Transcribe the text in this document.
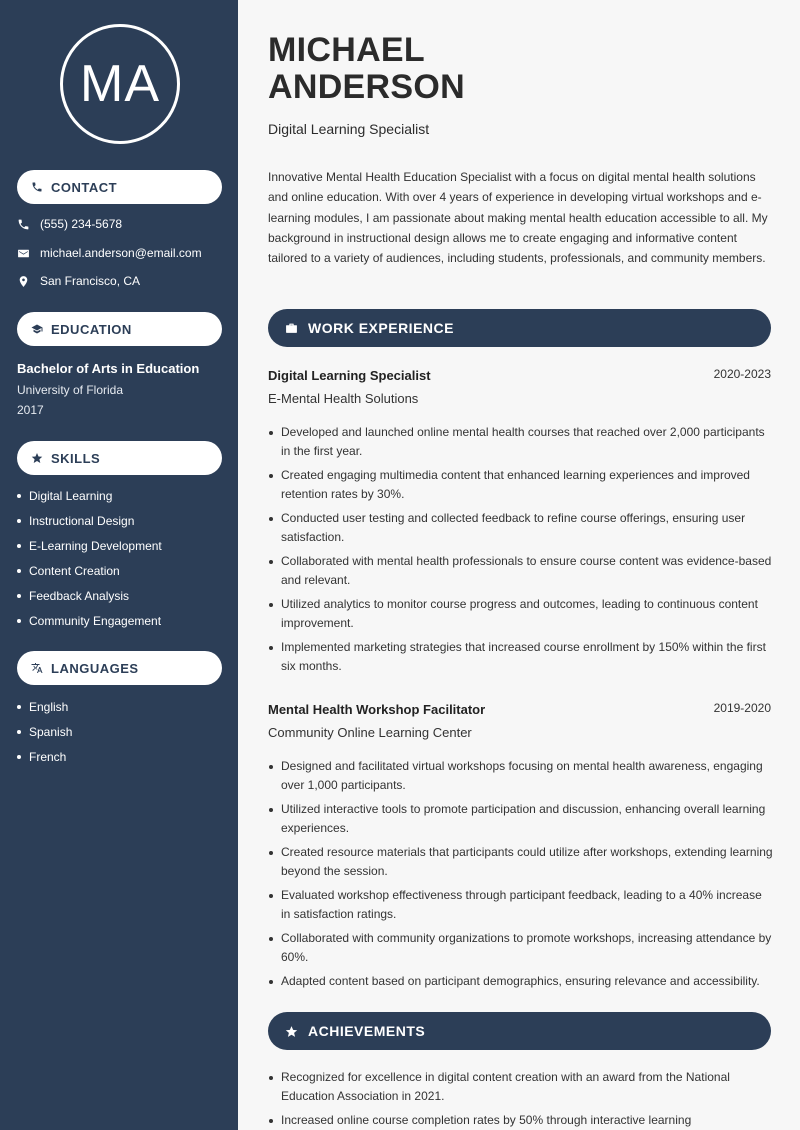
MA
CONTACT
(555) 234-5678
michael.anderson@email.com
San Francisco, CA
EDUCATION
Bachelor of Arts in Education
University of Florida
2017
SKILLS
Digital Learning
Instructional Design
E-Learning Development
Content Creation
Feedback Analysis
Community Engagement
LANGUAGES
English
Spanish
French
MICHAEL
ANDERSON
Digital Learning Specialist

Innovative Mental Health Education Specialist with a focus on digital mental health solutions and online education. With over 4 years of experience in developing virtual workshops and e-learning modules, I am passionate about making mental health education accessible to all. My background in instructional design allows me to create engaging and informative content tailored to a variety of audiences, including students, professionals, and community members.

WORK EXPERIENCE
Digital Learning Specialist	2020-2023
E-Mental Health Solutions
Developed and launched online mental health courses that reached over 2,000 participants in the first year.
Created engaging multimedia content that enhanced learning experiences and improved retention rates by 30%.
Conducted user testing and collected feedback to refine course offerings, ensuring user satisfaction.
Collaborated with mental health professionals to ensure course content was evidence-based and relevant.
Utilized analytics to monitor course progress and outcomes, leading to continuous content improvement.
Implemented marketing strategies that increased course enrollment by 150% within the first six months.
Mental Health Workshop Facilitator	2019-2020
Community Online Learning Center
Designed and facilitated virtual workshops focusing on mental health awareness, engaging over 1,000 participants.
Utilized interactive tools to promote participation and discussion, enhancing overall learning experiences.
Created resource materials that participants could utilize after workshops, extending learning beyond the session.
Evaluated workshop effectiveness through participant feedback, leading to a 40% increase in satisfaction ratings.
Collaborated with community organizations to promote workshops, increasing attendance by 60%.
Adapted content based on participant demographics, ensuring relevance and accessibility.
ACHIEVEMENTS
Recognized for excellence in digital content creation with an award from the National Education Association in 2021.
Increased online course completion rates by 50% through interactive learning
